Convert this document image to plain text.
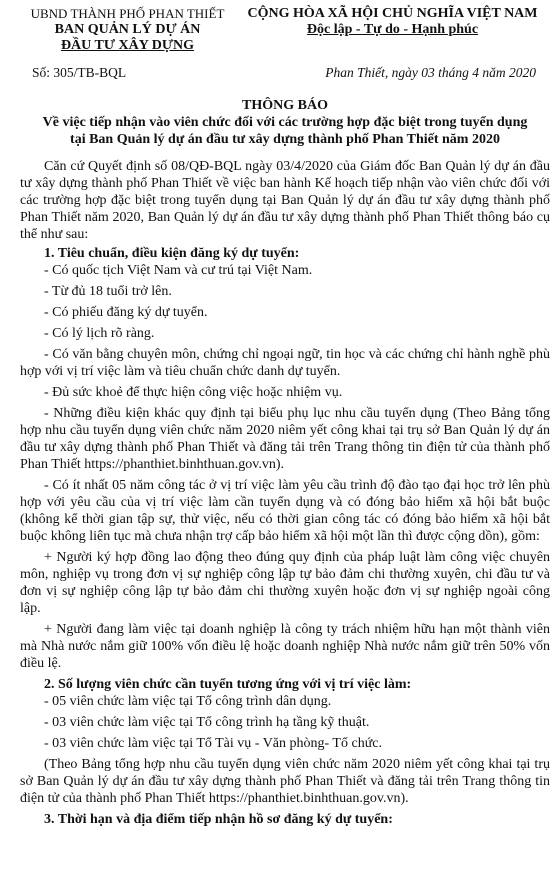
UBND THÀNH PHỐ PHAN THIẾT
BAN QUẢN LÝ DỰ ÁN
ĐẦU TƯ XÂY DỰNG
CỘNG HÒA XÃ HỘI CHỦ NGHĨA VIỆT NAM
Độc lập - Tự do - Hạnh phúc
Số: 305/TB-BQL	Phan Thiết, ngày 03 tháng 4 năm 2020
THÔNG BÁO
Về việc tiếp nhận vào viên chức đối với các trường hợp đặc biệt trong tuyển dụng
tại Ban Quản lý dự án đầu tư xây dựng thành phố Phan Thiết năm 2020

Căn cứ Quyết định số 08/QĐ-BQL ngày 03/4/2020 của Giám đốc Ban Quản lý dự án đầu tư xây dựng thành phố Phan Thiết về việc ban hành Kế hoạch tiếp nhận vào viên chức đối với các trường hợp đặc biệt trong tuyển dụng tại Ban Quản lý dự án đầu tư xây dựng thành phố Phan Thiết năm 2020, Ban Quản lý dự án đầu tư xây dựng thành phố Phan Thiết thông báo cụ thể như sau:

1. Tiêu chuẩn, điều kiện đăng ký dự tuyển:
- Có quốc tịch Việt Nam và cư trú tại Việt Nam.
- Từ đủ 18 tuổi trở lên.
- Có phiếu đăng ký dự tuyển.
- Có lý lịch rõ ràng.

- Có văn bằng chuyên môn, chứng chỉ ngoại ngữ, tin học và các chứng chỉ hành nghề phù hợp với vị trí việc làm và tiêu chuẩn chức danh dự tuyển.

- Đủ sức khoẻ để thực hiện công việc hoặc nhiệm vụ.

- Những điều kiện khác quy định tại biểu phụ lục nhu cầu tuyển dụng (Theo Bảng tổng hợp nhu cầu tuyển dụng viên chức năm 2020 niêm yết công khai tại trụ sở Ban Quản lý dự án đầu tư xây dựng thành phố Phan Thiết và đăng tải trên Trang thông tin điện tử của thành phố Phan Thiết https://phanthiet.binhthuan.gov.vn).

- Có ít nhất 05 năm công tác ở vị trí việc làm yêu cầu trình độ đào tạo đại học trở lên phù hợp với yêu cầu của vị trí việc làm cần tuyển dụng và có đóng bảo hiểm xã hội bắt buộc (không kể thời gian tập sự, thử việc, nếu có thời gian công tác có đóng bảo hiểm xã hội bắt buộc không liên tục mà chưa nhận trợ cấp bảo hiểm xã hội một lần thì được cộng dồn), gồm:

+ Người ký hợp đồng lao động theo đúng quy định của pháp luật làm công việc chuyên môn, nghiệp vụ trong đơn vị sự nghiệp công lập tự bảo đảm chi thường xuyên, chi đầu tư và đơn vị sự nghiệp công lập tự bảo đảm chi thường xuyên hoặc đơn vị sự nghiệp ngoài công lập.

+ Người đang làm việc tại doanh nghiệp là công ty trách nhiệm hữu hạn một thành viên mà Nhà nước nắm giữ 100% vốn điều lệ hoặc doanh nghiệp Nhà nước nắm giữ trên 50% vốn điều lệ.

2. Số lượng viên chức cần tuyển tương ứng với vị trí việc làm:
- 05 viên chức làm việc tại Tổ công trình dân dụng.
- 03 viên chức làm việc tại Tổ công trình hạ tầng kỹ thuật.
- 03 viên chức làm việc tại Tổ Tài vụ - Văn phòng- Tổ chức.

(Theo Bảng tổng hợp nhu cầu tuyển dụng viên chức năm 2020 niêm yết công khai tại trụ sở Ban Quản lý dự án đầu tư xây dựng thành phố Phan Thiết và đăng tải trên Trang thông tin điện tử của thành phố Phan Thiết https://phanthiet.binhthuan.gov.vn).

3. Thời hạn và địa điểm tiếp nhận hồ sơ đăng ký dự tuyển:
